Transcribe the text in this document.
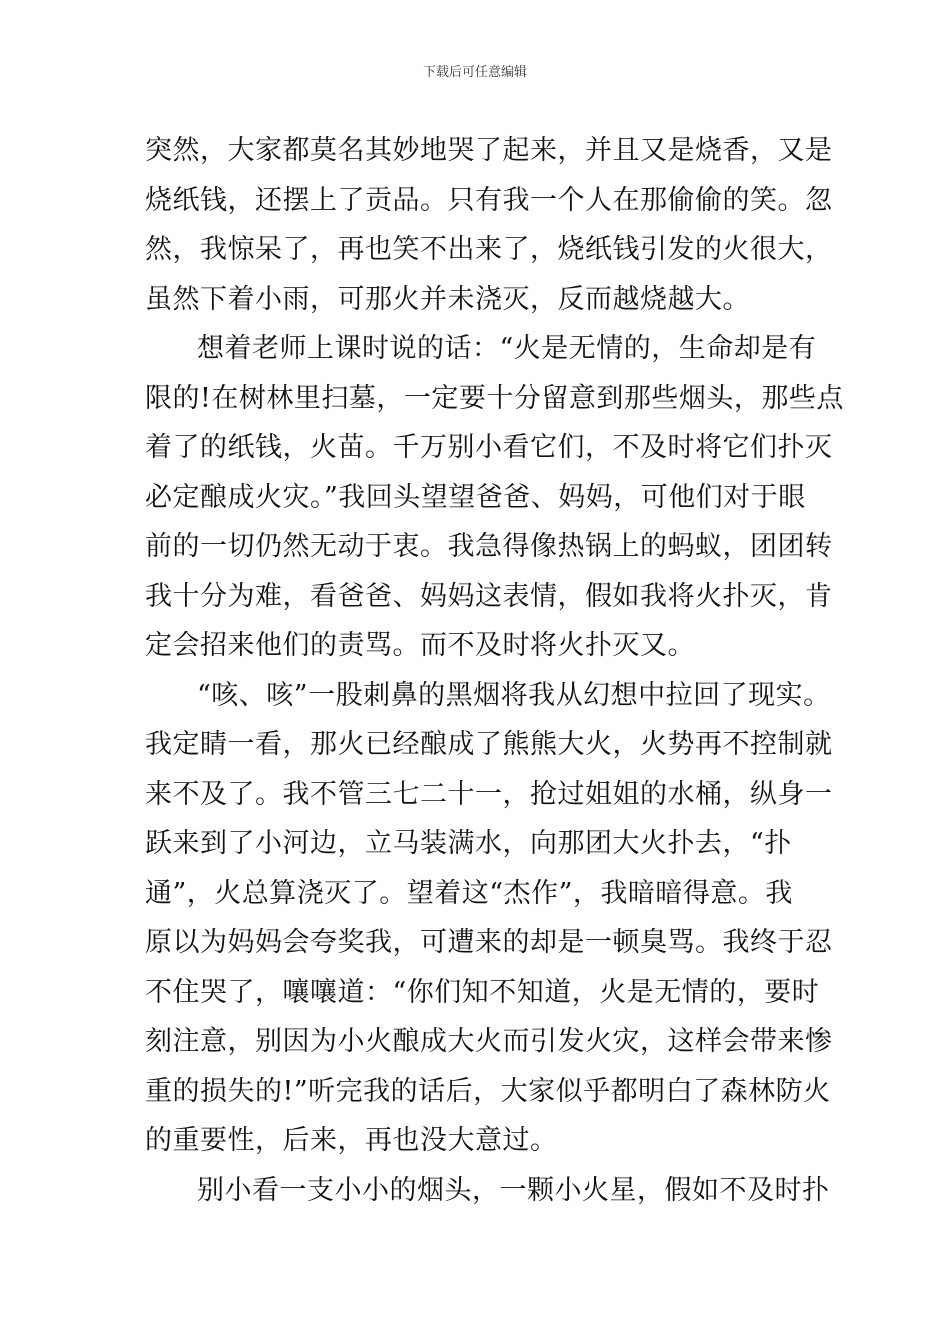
下载后可任意编辑
突然，大家都莫名其妙地哭了起来，并且又是烧香，又是
烧纸钱，还摆上了贡品。只有我一个人在那偷偷的笑。忽
然，我惊呆了，再也笑不出来了，烧纸钱引发的火很大，
虽然下着小雨，可那火并未浇灭，反而越烧越大。
想着老师上课时说的话：“火是无情的，生命却是有
限的!在树林里扫墓，一定要十分留意到那些烟头，那些点
着了的纸钱，火苗。千万别小看它们，不及时将它们扑灭
必定酿成火灾。”我回头望望爸爸、妈妈，可他们对于眼
前的一切仍然无动于衷。我急得像热锅上的蚂蚁，团团转
我十分为难，看爸爸、妈妈这表情，假如我将火扑灭，肯
定会招来他们的责骂。而不及时将火扑灭又。
“咳、咳”一股刺鼻的黑烟将我从幻想中拉回了现实。
我定睛一看，那火已经酿成了熊熊大火，火势再不控制就
来不及了。我不管三七二十一，抢过姐姐的水桶，纵身一
跃来到了小河边，立马装满水，向那团大火扑去，“扑
通”，火总算浇灭了。望着这“杰作”，我暗暗得意。我
原以为妈妈会夸奖我，可遭来的却是一顿臭骂。我终于忍
不住哭了，嚷嚷道：“你们知不知道，火是无情的，要时
刻注意，别因为小火酿成大火而引发火灾，这样会带来惨
重的损失的!”听完我的话后，大家似乎都明白了森林防火
的重要性，后来，再也没大意过。
别小看一支小小的烟头，一颗小火星，假如不及时扑
